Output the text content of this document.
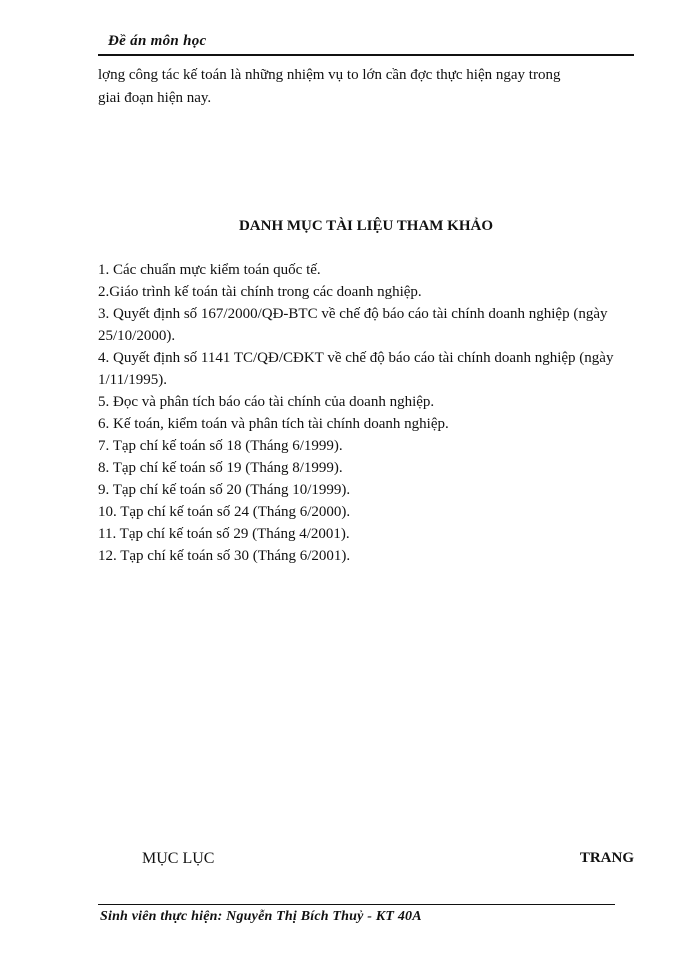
Đề án môn học

lợng công tác kế toán là những nhiệm vụ to lớn cần đợc thực hiện ngay trong
giai đoạn hiện nay.

DANH MỤC TÀI LIỆU THAM KHẢO
1. Các chuẩn mực kiểm toán quốc tế.
2.Giáo trình kế toán tài chính trong các doanh nghiệp.
3. Quyết định số 167/2000/QĐ-BTC về chế độ báo cáo tài chính doanh nghiệp (ngày 25/10/2000).
4. Quyết định số 1141 TC/QĐ/CĐKT về chế độ báo cáo tài chính doanh nghiệp (ngày 1/11/1995).
5. Đọc và phân tích báo cáo tài chính của doanh nghiệp.
6. Kế toán, kiểm toán và phân tích tài chính doanh nghiệp.
7. Tạp chí kế toán số 18 (Tháng 6/1999).
8. Tạp chí kế toán số 19 (Tháng 8/1999).
9. Tạp chí kế toán số 20 (Tháng 10/1999).
10. Tạp chí kế toán số 24 (Tháng 6/2000).
11. Tạp chí kế toán số 29 (Tháng 4/2001).
12. Tạp chí kế toán số 30 (Tháng 6/2001).
MỤC LỤC	TRANG
Sinh viên thực hiện: Nguyễn Thị Bích Thuỷ - KT 40A
